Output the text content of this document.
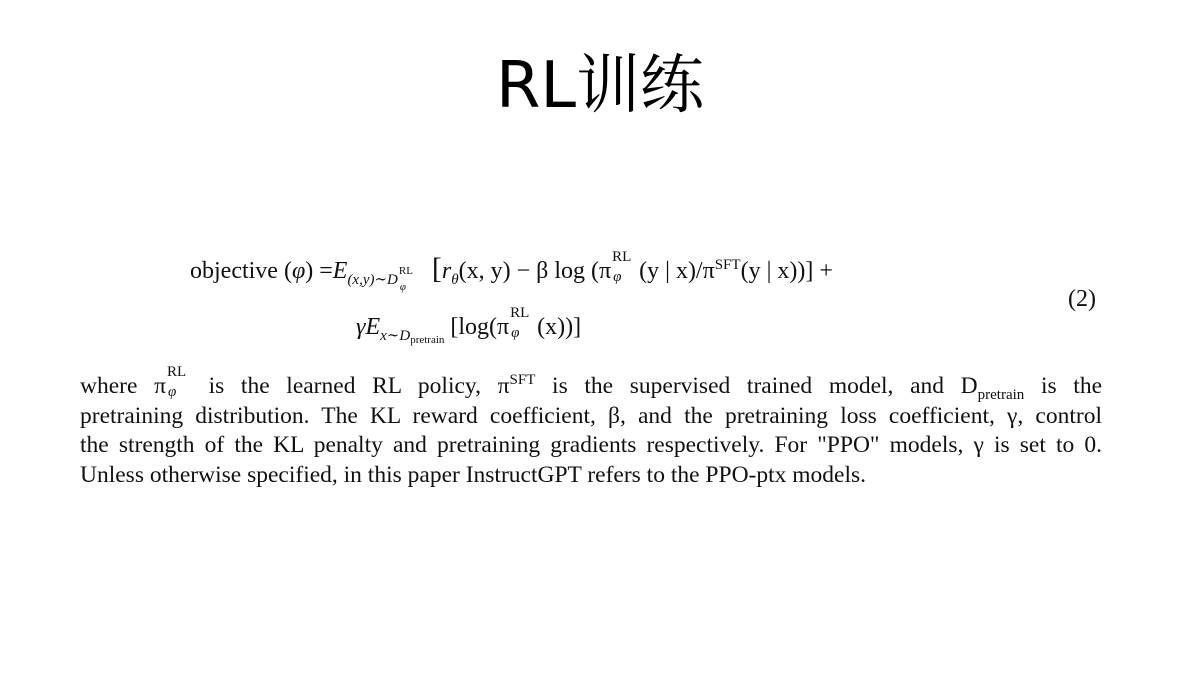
RL训练
objective $(\varphi) =E_{(x,y)\sim D}$
RL
φ
[$r_\theta(x$, y) − β log (π
RL
φ (y | $x)/\pi^{SFT}(y$ | x))] +
(2)
$\gamma E_{x\sim Dpretrain}$ [log(π
RL
φ (x))]
where π
RL
φ is the learned RL policy, $\pi^{SFT}$ is the supervised trained model, and $D_{pretrain}$ is the
pretraining distribution. The KL reward coefficient, β, and the pretraining loss coefficient, γ, control
the strength of the KL penalty and pretraining gradients respectively. For "PPO" models, γ is set to 0.
Unless otherwise specified, in this paper InstructGPT refers to the PPO-ptx models.
